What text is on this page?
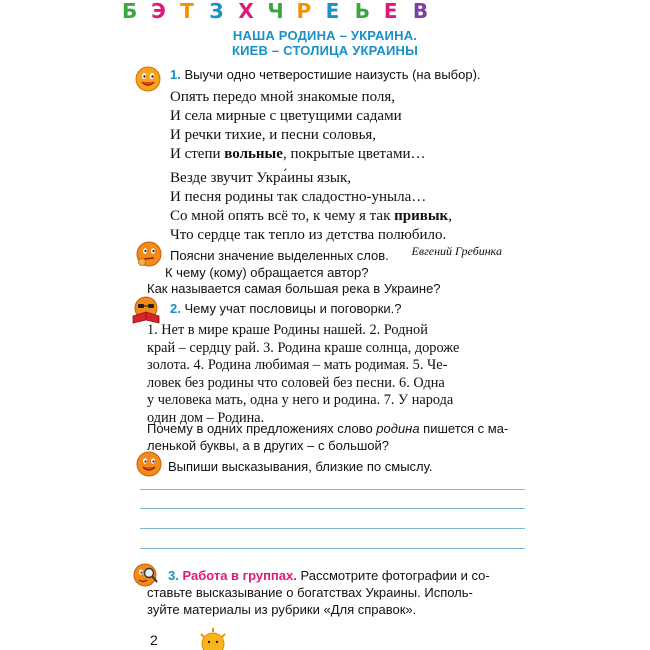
Б Э Т З Х Ч Р Е Ь Е В
НАША РОДИНА – УКРАИНА.
КИЕВ – СТОЛИЦА УКРАИНЫ
1. Выучи одно четверостишие наизусть (на выбор).
Опять передо мной знакомые поля,
И села мирные с цветущими садами
И речки тихие, и песни соловья,
И степи вольные, покрытые цветами…
Везде звучит Укра́ины язык,
И песня родины так сладостно-уныла…
Со мной опять всё то, к чему я так привык,
Что сердце так тепло из детства полюбило.
Евгений Гребинка
Поясни значение выделенных слов.
К чему (кому) обращается автор?
Как называется самая большая река в Украине?
2. Чему учат пословицы и поговорки.?
1. Нет в мире краше Родины нашей. 2. Родной
край – сердцу рай. 3. Родина краше солнца, дороже
золота. 4. Родина любимая – мать родимая. 5. Че-
ловек без родины что соловей без песни. 6. Одна
у человека мать, одна у него и родина. 7. У народа
один дом – Родина.
Почему в одних предложениях слово родина пишется с ма-
ленькой буквы, а в других – с большой?
Выпиши высказывания, близкие по смыслу.
3. Работа в группах. Рассмотрите фотографии и со-
ставьте высказывание о богатствах Украины. Исполь-
зуйте материалы из рубрики «Для справок».
2
